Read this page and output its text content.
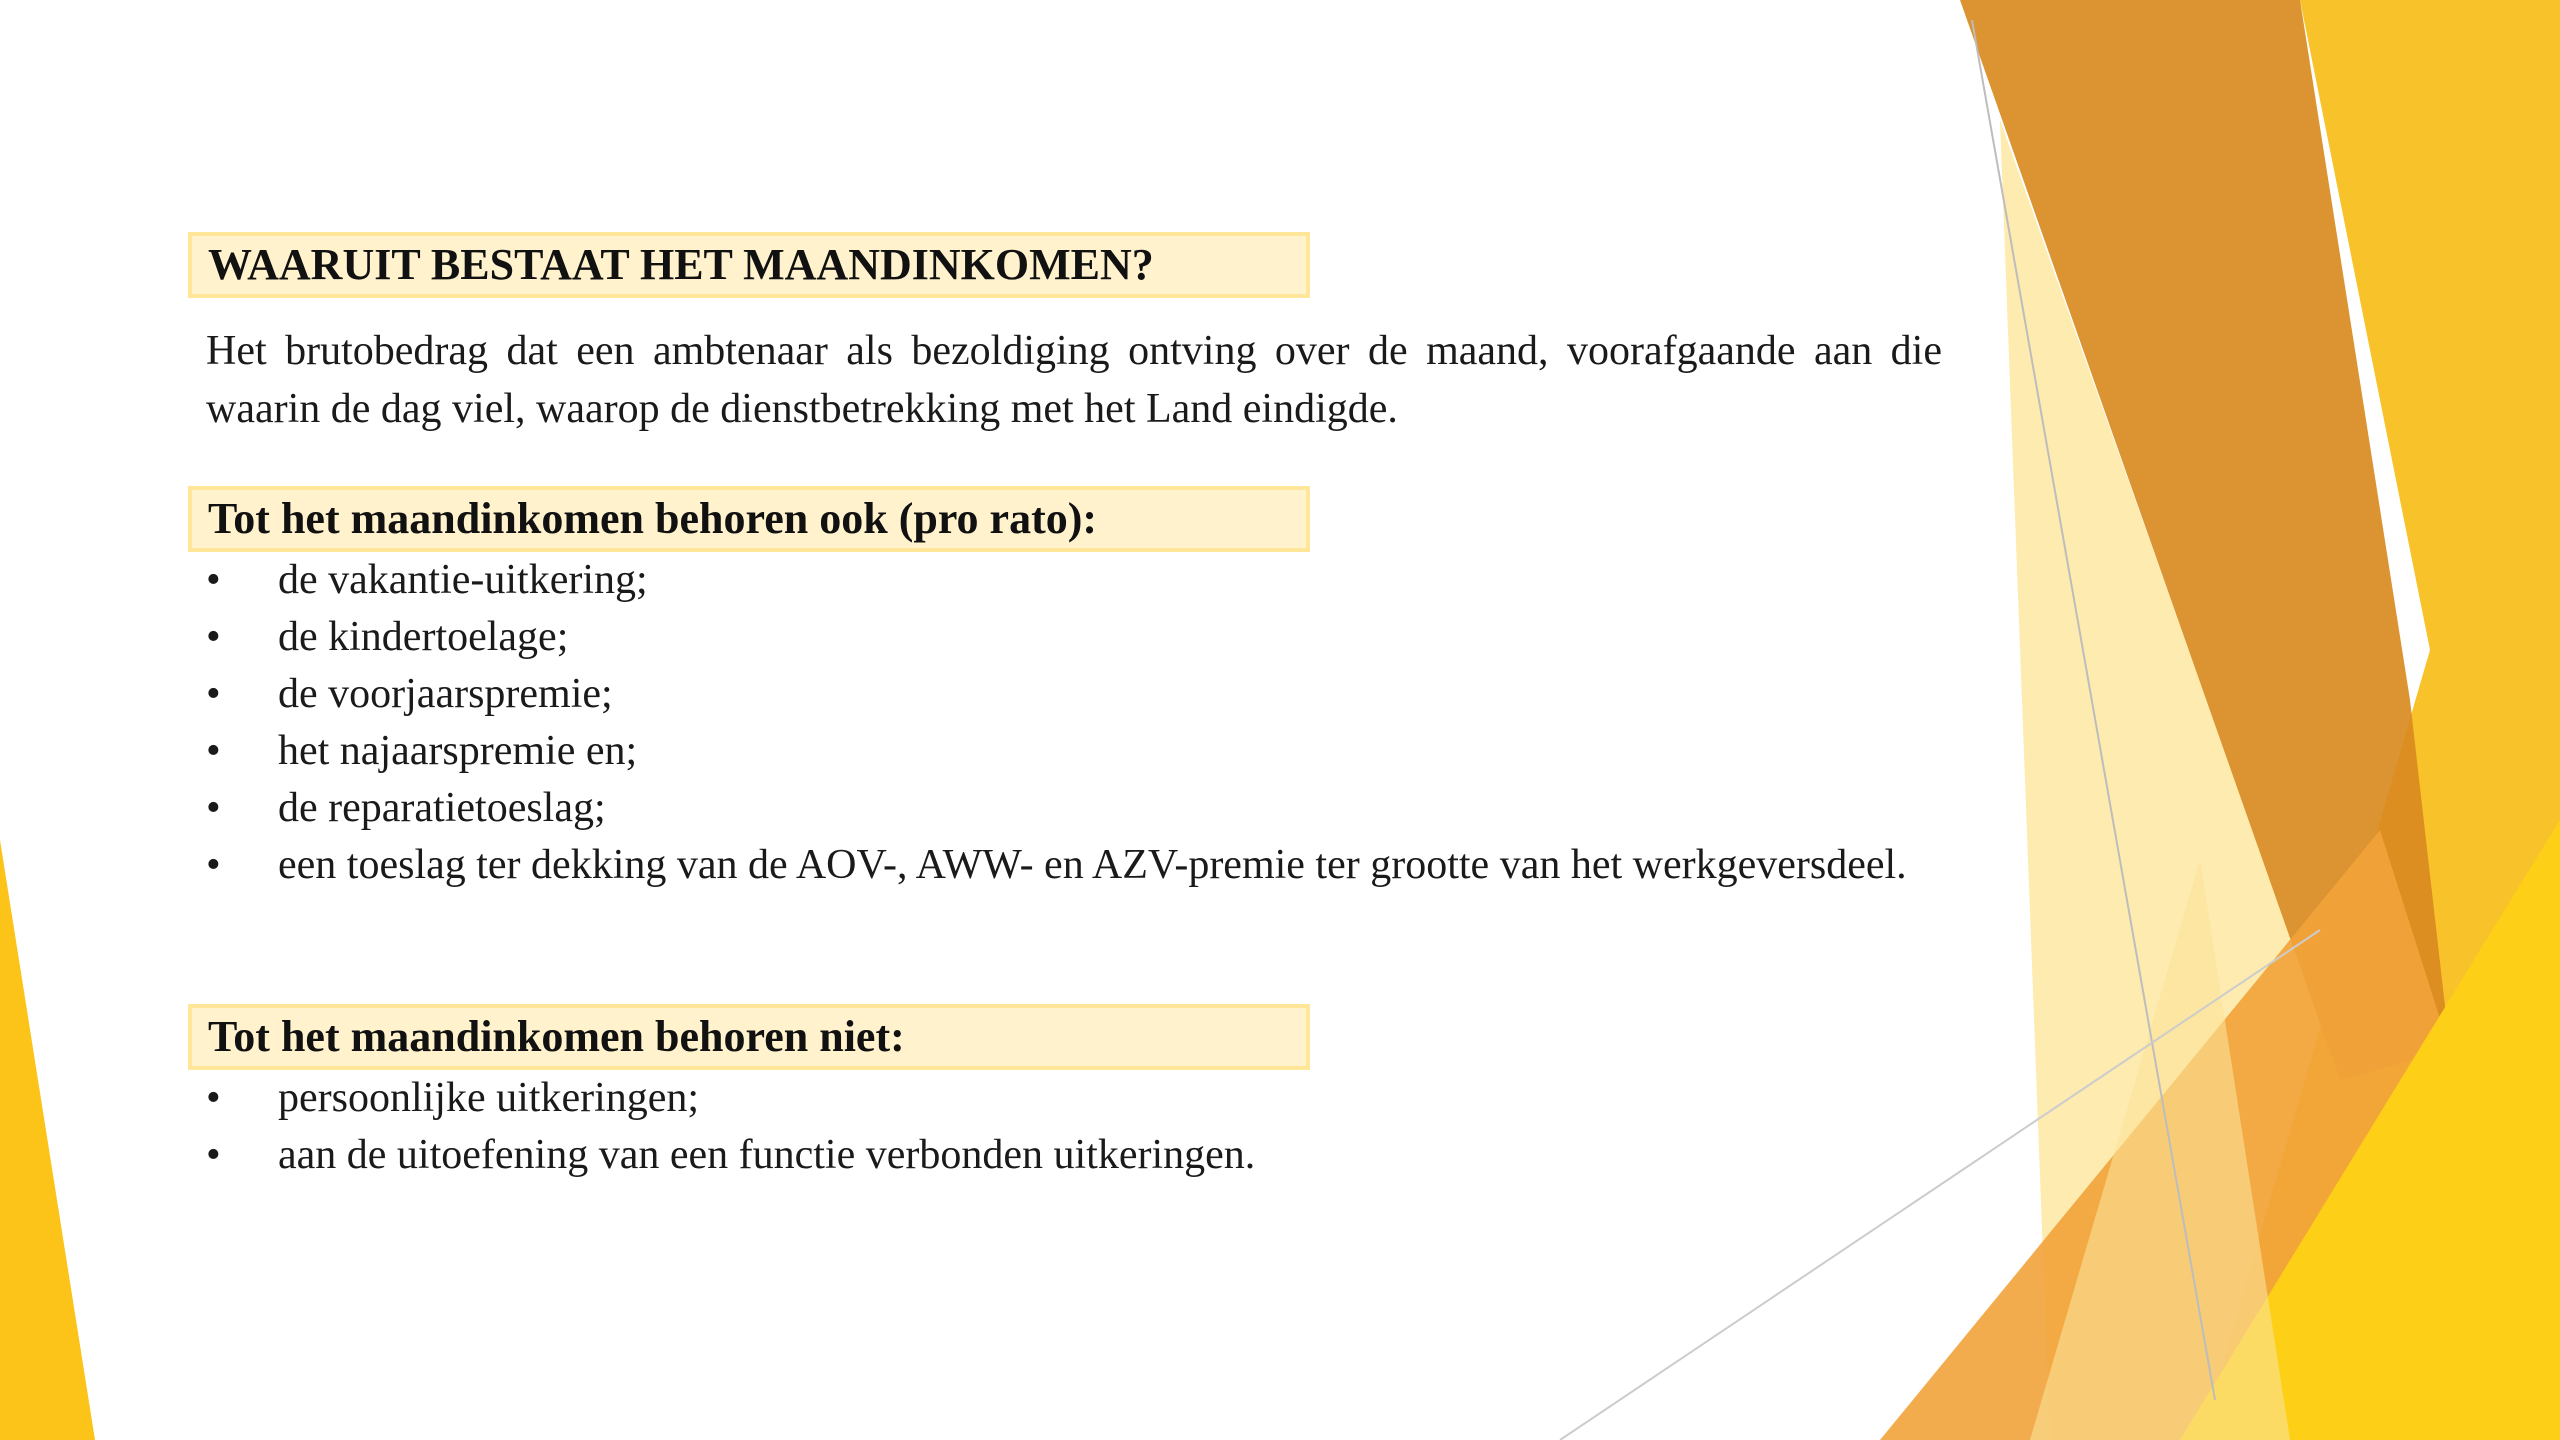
WAARUIT BESTAAT HET MAANDINKOMEN?
Het brutobedrag dat een ambtenaar als bezoldiging ontving over de maand, voorafgaande aan die waarin de dag viel, waarop de dienstbetrekking met het Land eindigde.
Tot het maandinkomen behoren ook (pro rato):
•	de vakantie-uitkering;
•	de kindertoelage;
•	de voorjaarspremie;
•	het najaarspremie en;
•	de reparatietoeslag;
•	een toeslag ter dekking van de AOV-, AWW- en AZV-premie ter grootte van het werkgeversdeel.
Tot het maandinkomen behoren niet:
•	persoonlijke uitkeringen;
•	aan de uitoefening van een functie verbonden uitkeringen.
